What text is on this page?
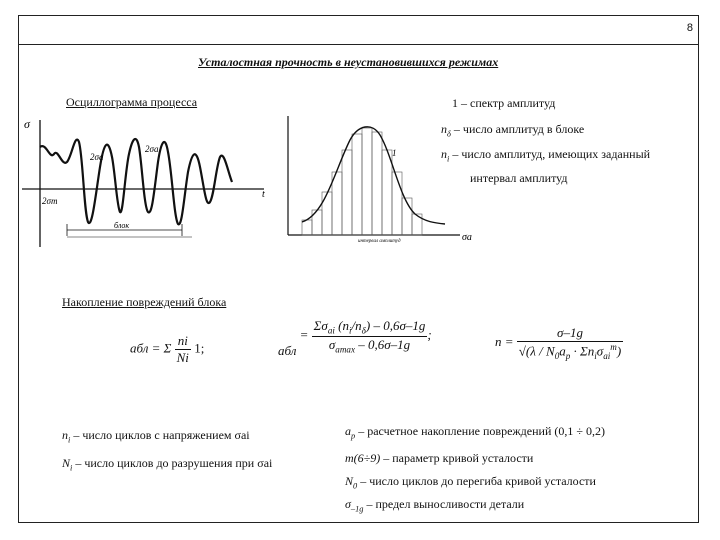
8
Усталостная прочность в неустановившихся режимах
Осциллограмма процесса
σ
2σa
2σa
2σm
t
блок
1 – спектр амплитуд
1
σa
интервал амплитуд
$n_\delta$ – число амплитуд в блоке
$n_i$ – число амплитуд, имеющих заданный
интервал амплитуд
Накопление повреждений блока
aбл = Σ $\frac{ni}{Ni} 1$;	aбл = $\frac{\Sigma\sigma_{ai} (n_i/n_\delta) - 0,6\sigma-1g}{\sigma_{amax} - 0,6\sigma-1g}$ ;	$n = \frac{\sigma-1g}{√(\lambda / N_0a_p \cdot \Sigma n_i\sigma_{ai}^m)}$
$n_i$ – число циклов с напряжением σai
$N_i$ – число циклов до разрушения при σai
$a_p$ – расчетное накопление повреждений (0,1 ÷ 0,2)
m(6÷9) – параметр кривой усталости
$N_0$ – число циклов до перегиба кривой усталости
$\sigma_{-1g}$ – предел выносливости детали
